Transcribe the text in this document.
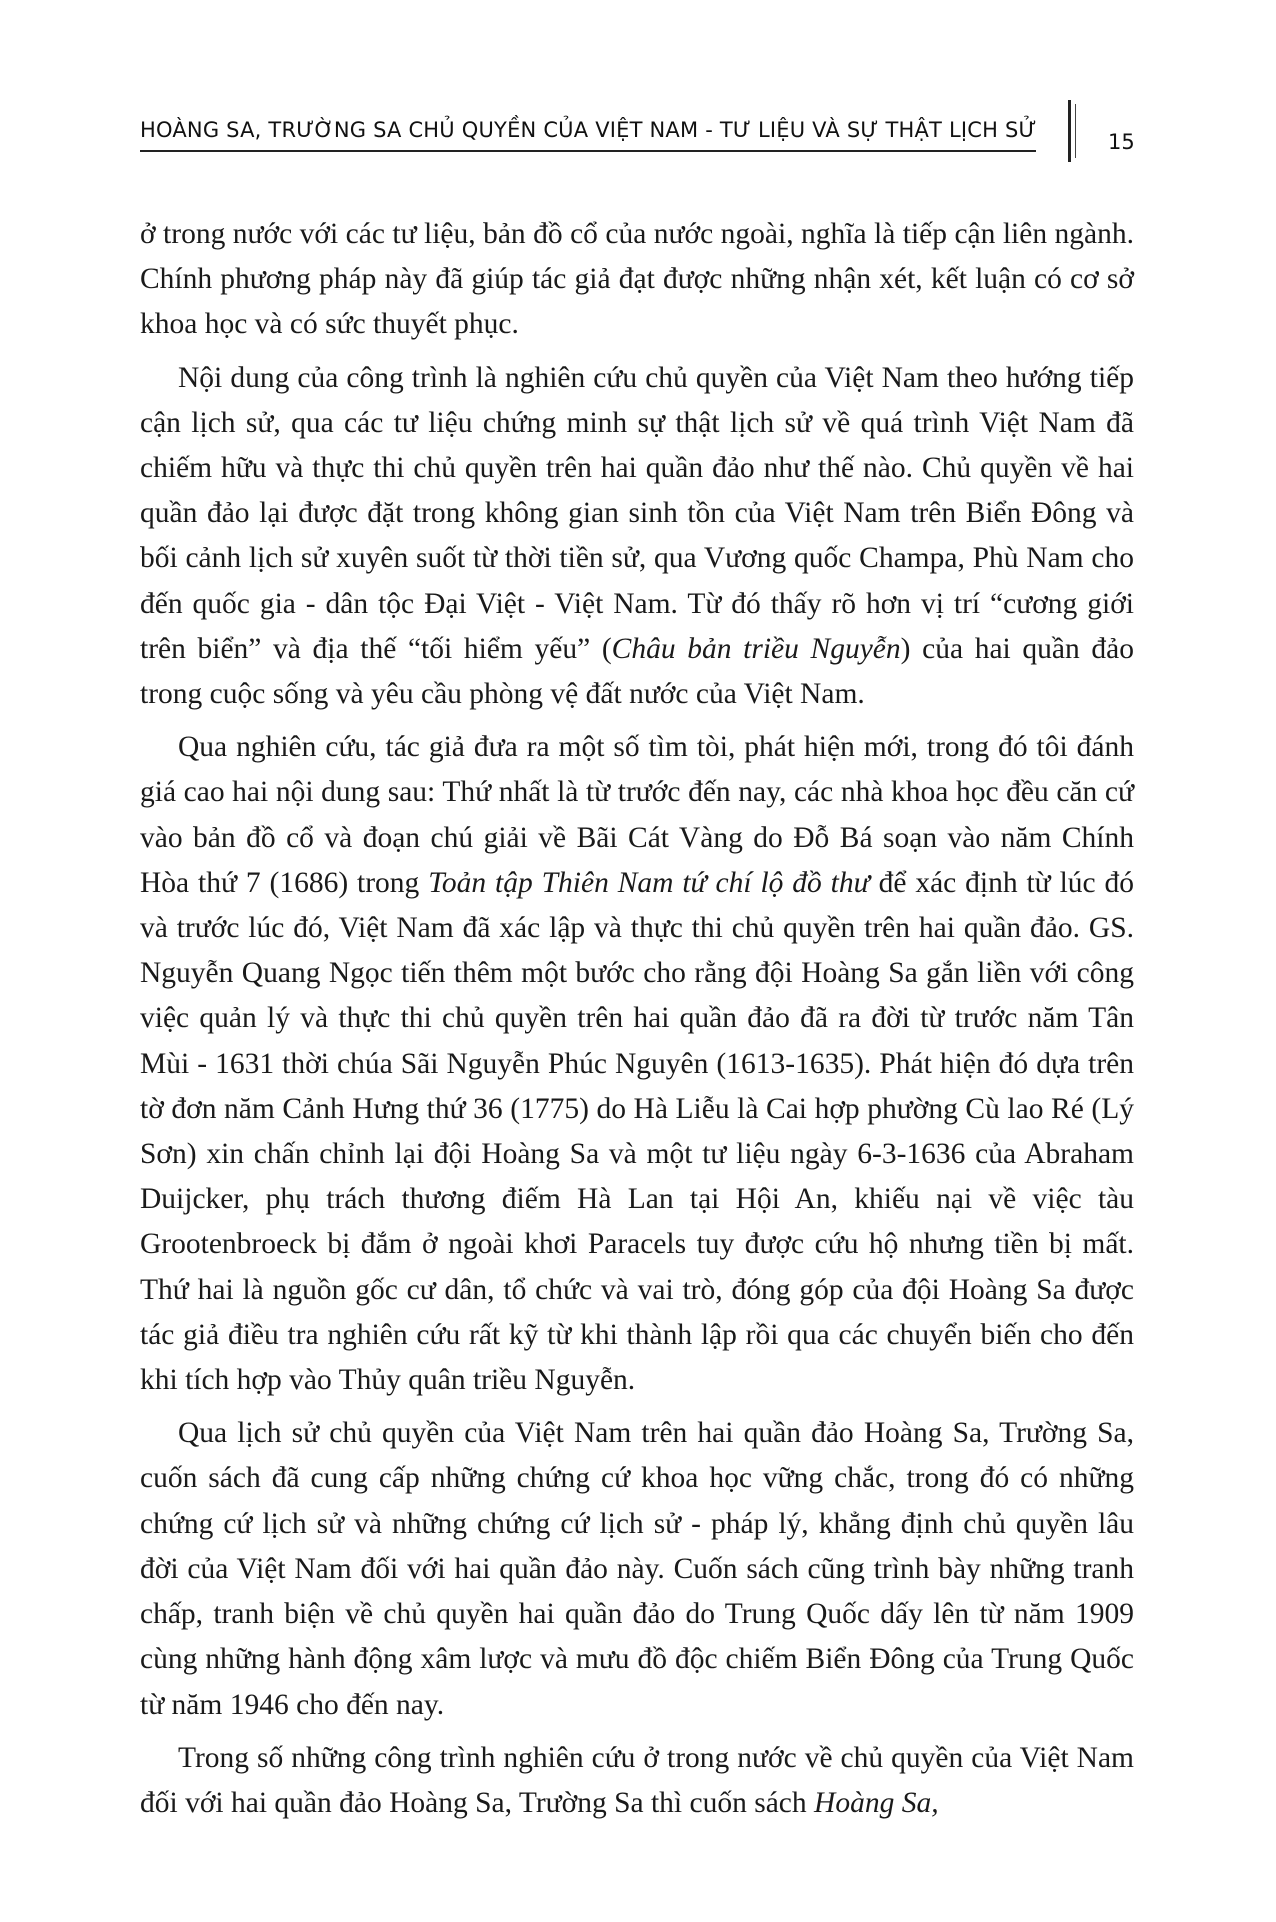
HOÀNG SA, TRƯỜNG SA CHỦ QUYỀN CỦA VIỆT NAM - TƯ LIỆU VÀ SỰ THẬT LỊCH SỬ	15

ở trong nước với các tư liệu, bản đồ cổ của nước ngoài, nghĩa là tiếp cận liên ngành. Chính phương pháp này đã giúp tác giả đạt được những nhận xét, kết luận có cơ sở khoa học và có sức thuyết phục.

Nội dung của công trình là nghiên cứu chủ quyền của Việt Nam theo hướng tiếp cận lịch sử, qua các tư liệu chứng minh sự thật lịch sử về quá trình Việt Nam đã chiếm hữu và thực thi chủ quyền trên hai quần đảo như thế nào. Chủ quyền về hai quần đảo lại được đặt trong không gian sinh tồn của Việt Nam trên Biển Đông và bối cảnh lịch sử xuyên suốt từ thời tiền sử, qua Vương quốc Champa, Phù Nam cho đến quốc gia - dân tộc Đại Việt - Việt Nam. Từ đó thấy rõ hơn vị trí “cương giới trên biển” và địa thế “tối hiểm yếu” (Châu bản triều Nguyễn) của hai quần đảo trong cuộc sống và yêu cầu phòng vệ đất nước của Việt Nam.

Qua nghiên cứu, tác giả đưa ra một số tìm tòi, phát hiện mới, trong đó tôi đánh giá cao hai nội dung sau: Thứ nhất là từ trước đến nay, các nhà khoa học đều căn cứ vào bản đồ cổ và đoạn chú giải về Bãi Cát Vàng do Đỗ Bá soạn vào năm Chính Hòa thứ 7 (1686) trong Toản tập Thiên Nam tứ chí lộ đồ thư để xác định từ lúc đó và trước lúc đó, Việt Nam đã xác lập và thực thi chủ quyền trên hai quần đảo. GS. Nguyễn Quang Ngọc tiến thêm một bước cho rằng đội Hoàng Sa gắn liền với công việc quản lý và thực thi chủ quyền trên hai quần đảo đã ra đời từ trước năm Tân Mùi - 1631 thời chúa Sãi Nguyễn Phúc Nguyên (1613-1635). Phát hiện đó dựa trên tờ đơn năm Cảnh Hưng thứ 36 (1775) do Hà Liễu là Cai hợp phường Cù lao Ré (Lý Sơn) xin chấn chỉnh lại đội Hoàng Sa và một tư liệu ngày 6-3-1636 của Abraham Duijcker, phụ trách thương điếm Hà Lan tại Hội An, khiếu nại về việc tàu Grootenbroeck bị đắm ở ngoài khơi Paracels tuy được cứu hộ nhưng tiền bị mất. Thứ hai là nguồn gốc cư dân, tổ chức và vai trò, đóng góp của đội Hoàng Sa được tác giả điều tra nghiên cứu rất kỹ từ khi thành lập rồi qua các chuyển biến cho đến khi tích hợp vào Thủy quân triều Nguyễn.

Qua lịch sử chủ quyền của Việt Nam trên hai quần đảo Hoàng Sa, Trường Sa, cuốn sách đã cung cấp những chứng cứ khoa học vững chắc, trong đó có những chứng cứ lịch sử và những chứng cứ lịch sử - pháp lý, khẳng định chủ quyền lâu đời của Việt Nam đối với hai quần đảo này. Cuốn sách cũng trình bày những tranh chấp, tranh biện về chủ quyền hai quần đảo do Trung Quốc dấy lên từ năm 1909 cùng những hành động xâm lược và mưu đồ độc chiếm Biển Đông của Trung Quốc từ năm 1946 cho đến nay.

Trong số những công trình nghiên cứu ở trong nước về chủ quyền của Việt Nam đối với hai quần đảo Hoàng Sa, Trường Sa thì cuốn sách Hoàng Sa,
